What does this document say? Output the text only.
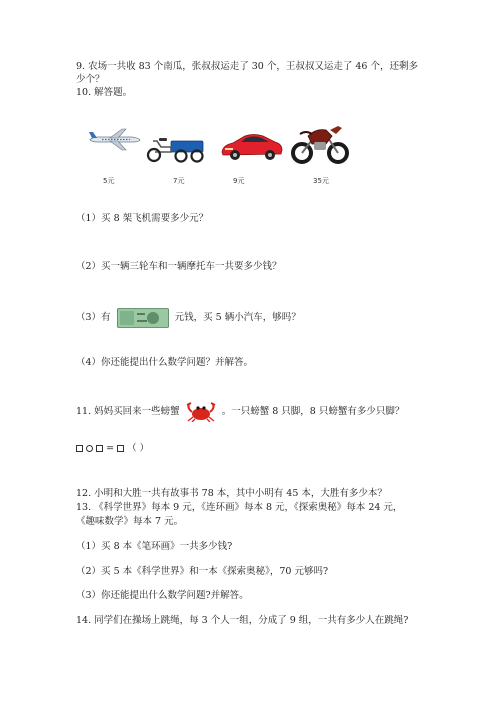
9. 农场一共收 83 个南瓜，张叔叔运走了 30 个，王叔叔又运走了 46 个，还剩多
少个？
10. 解答题。
5元	7元	9元	35元
（1）买 8 架飞机需要多少元？
（2）买一辆三轮车和一辆摩托车一共要多少钱？
（3）有	元钱，买 5 辆小汽车，够吗？
（4）你还能提出什么数学问题？并解答。
11. 妈妈买回来一些螃蟹	。一只螃蟹 8 只脚，8 只螃蟹有多少只脚？
= （ ）
12. 小明和大胜一共有故事书 78 本，其中小明有 45 本，大胜有多少本？
13. 《科学世界》每本 9 元，《连环画》每本 8 元，《探索奥秘》每本 24 元，
《趣味数学》每本 7 元。
（1）买 8 本《笔环画》一共多少钱?
（2）买 5 本《科学世界》和一本《探索奥秘》，70 元够吗?
（3）你还能提出什么数学问题?并解答。
14. 同学们在操场上跳绳，每 3 个人一组，分成了 9 组，一共有多少人在跳绳?
